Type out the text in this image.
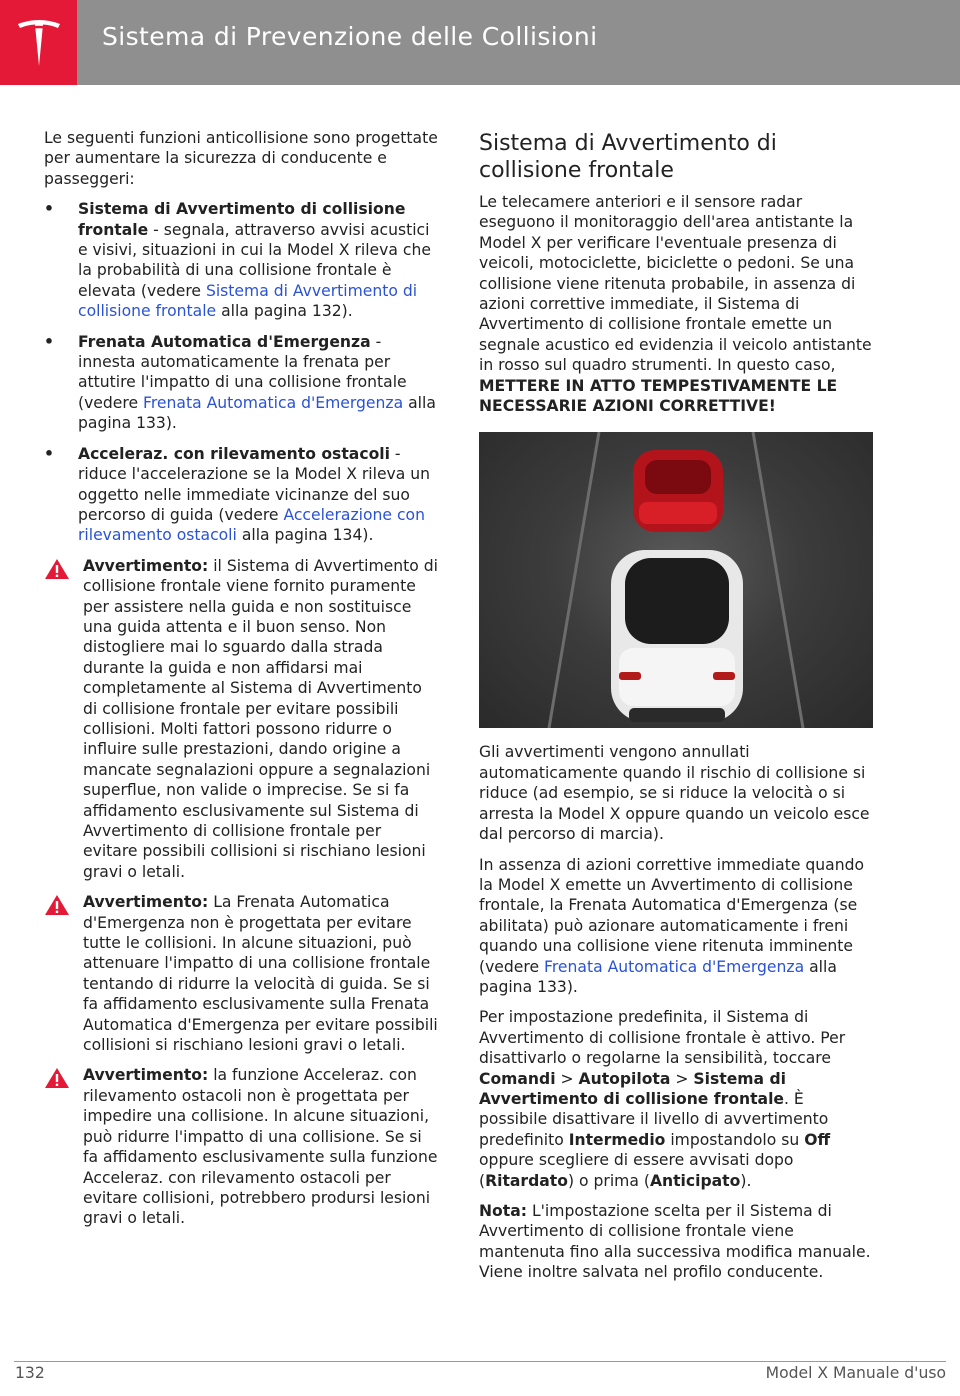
Sistema di Prevenzione delle Collisioni

Le seguenti funzioni anticollisione sono progettate per aumentare la sicurezza di conducente e passeggeri:

• Sistema di Avvertimento di collisione frontale - segnala, attraverso avvisi acustici e visivi, situazioni in cui la Model X rileva che la probabilità di una collisione frontale è elevata (vedere Sistema di Avvertimento di collisione frontale alla pagina 132).
• Frenata Automatica d'Emergenza - innesta automaticamente la frenata per attutire l'impatto di una collisione frontale (vedere Frenata Automatica d'Emergenza alla pagina 133).
• Acceleraz. con rilevamento ostacoli - riduce l'accelerazione se la Model X rileva un oggetto nelle immediate vicinanze del suo percorso di guida (vedere Accelerazione con rilevamento ostacoli alla pagina 134).
Avvertimento: il Sistema di Avvertimento di collisione frontale viene fornito puramente per assistere nella guida e non sostituisce una guida attenta e il buon senso. Non distogliere mai lo sguardo dalla strada durante la guida e non affidarsi mai completamente al Sistema di Avvertimento di collisione frontale per evitare possibili collisioni. Molti fattori possono ridurre o influire sulle prestazioni, dando origine a mancate segnalazioni oppure a segnalazioni superflue, non valide o imprecise. Se si fa affidamento esclusivamente sul Sistema di Avvertimento di collisione frontale per evitare possibili collisioni si rischiano lesioni gravi o letali.
Avvertimento: La Frenata Automatica d'Emergenza non è progettata per evitare tutte le collisioni. In alcune situazioni, può attenuare l'impatto di una collisione frontale tentando di ridurre la velocità di guida. Se si fa affidamento esclusivamente sulla Frenata Automatica d'Emergenza per evitare possibili collisioni si rischiano lesioni gravi o letali.
Avvertimento: la funzione Acceleraz. con rilevamento ostacoli non è progettata per impedire una collisione. In alcune situazioni, può ridurre l'impatto di una collisione. Se si fa affidamento esclusivamente sulla funzione Acceleraz. con rilevamento ostacoli per evitare collisioni, potrebbero prodursi lesioni gravi o letali.
Sistema di Avvertimento di collisione frontale

Le telecamere anteriori e il sensore radar eseguono il monitoraggio dell'area antistante la Model X per verificare l'eventuale presenza di veicoli, motociclette, biciclette o pedoni. Se una collisione viene ritenuta probabile, in assenza di azioni correttive immediate, il Sistema di Avvertimento di collisione frontale emette un segnale acustico ed evidenzia il veicolo antistante in rosso sul quadro strumenti. In questo caso, METTERE IN ATTO TEMPESTIVAMENTE LE NECESSARIE AZIONI CORRETTIVE!

Gli avvertimenti vengono annullati automaticamente quando il rischio di collisione si riduce (ad esempio, se si riduce la velocità o si arresta la Model X oppure quando un veicolo esce dal percorso di marcia).

In assenza di azioni correttive immediate quando la Model X emette un Avvertimento di collisione frontale, la Frenata Automatica d'Emergenza (se abilitata) può azionare automaticamente i freni quando una collisione viene ritenuta imminente (vedere Frenata Automatica d'Emergenza alla pagina 133).

Per impostazione predefinita, il Sistema di Avvertimento di collisione frontale è attivo. Per disattivarlo o regolarne la sensibilità, toccare Comandi > Autopilota > Sistema di Avvertimento di collisione frontale. È possibile disattivare il livello di avvertimento predefinito Intermedio impostandolo su Off oppure scegliere di essere avvisati dopo (Ritardato) o prima (Anticipato).

Nota: L'impostazione scelta per il Sistema di Avvertimento di collisione frontale viene mantenuta fino alla successiva modifica manuale. Viene inoltre salvata nel profilo conducente.

132	Model X Manuale d'uso
